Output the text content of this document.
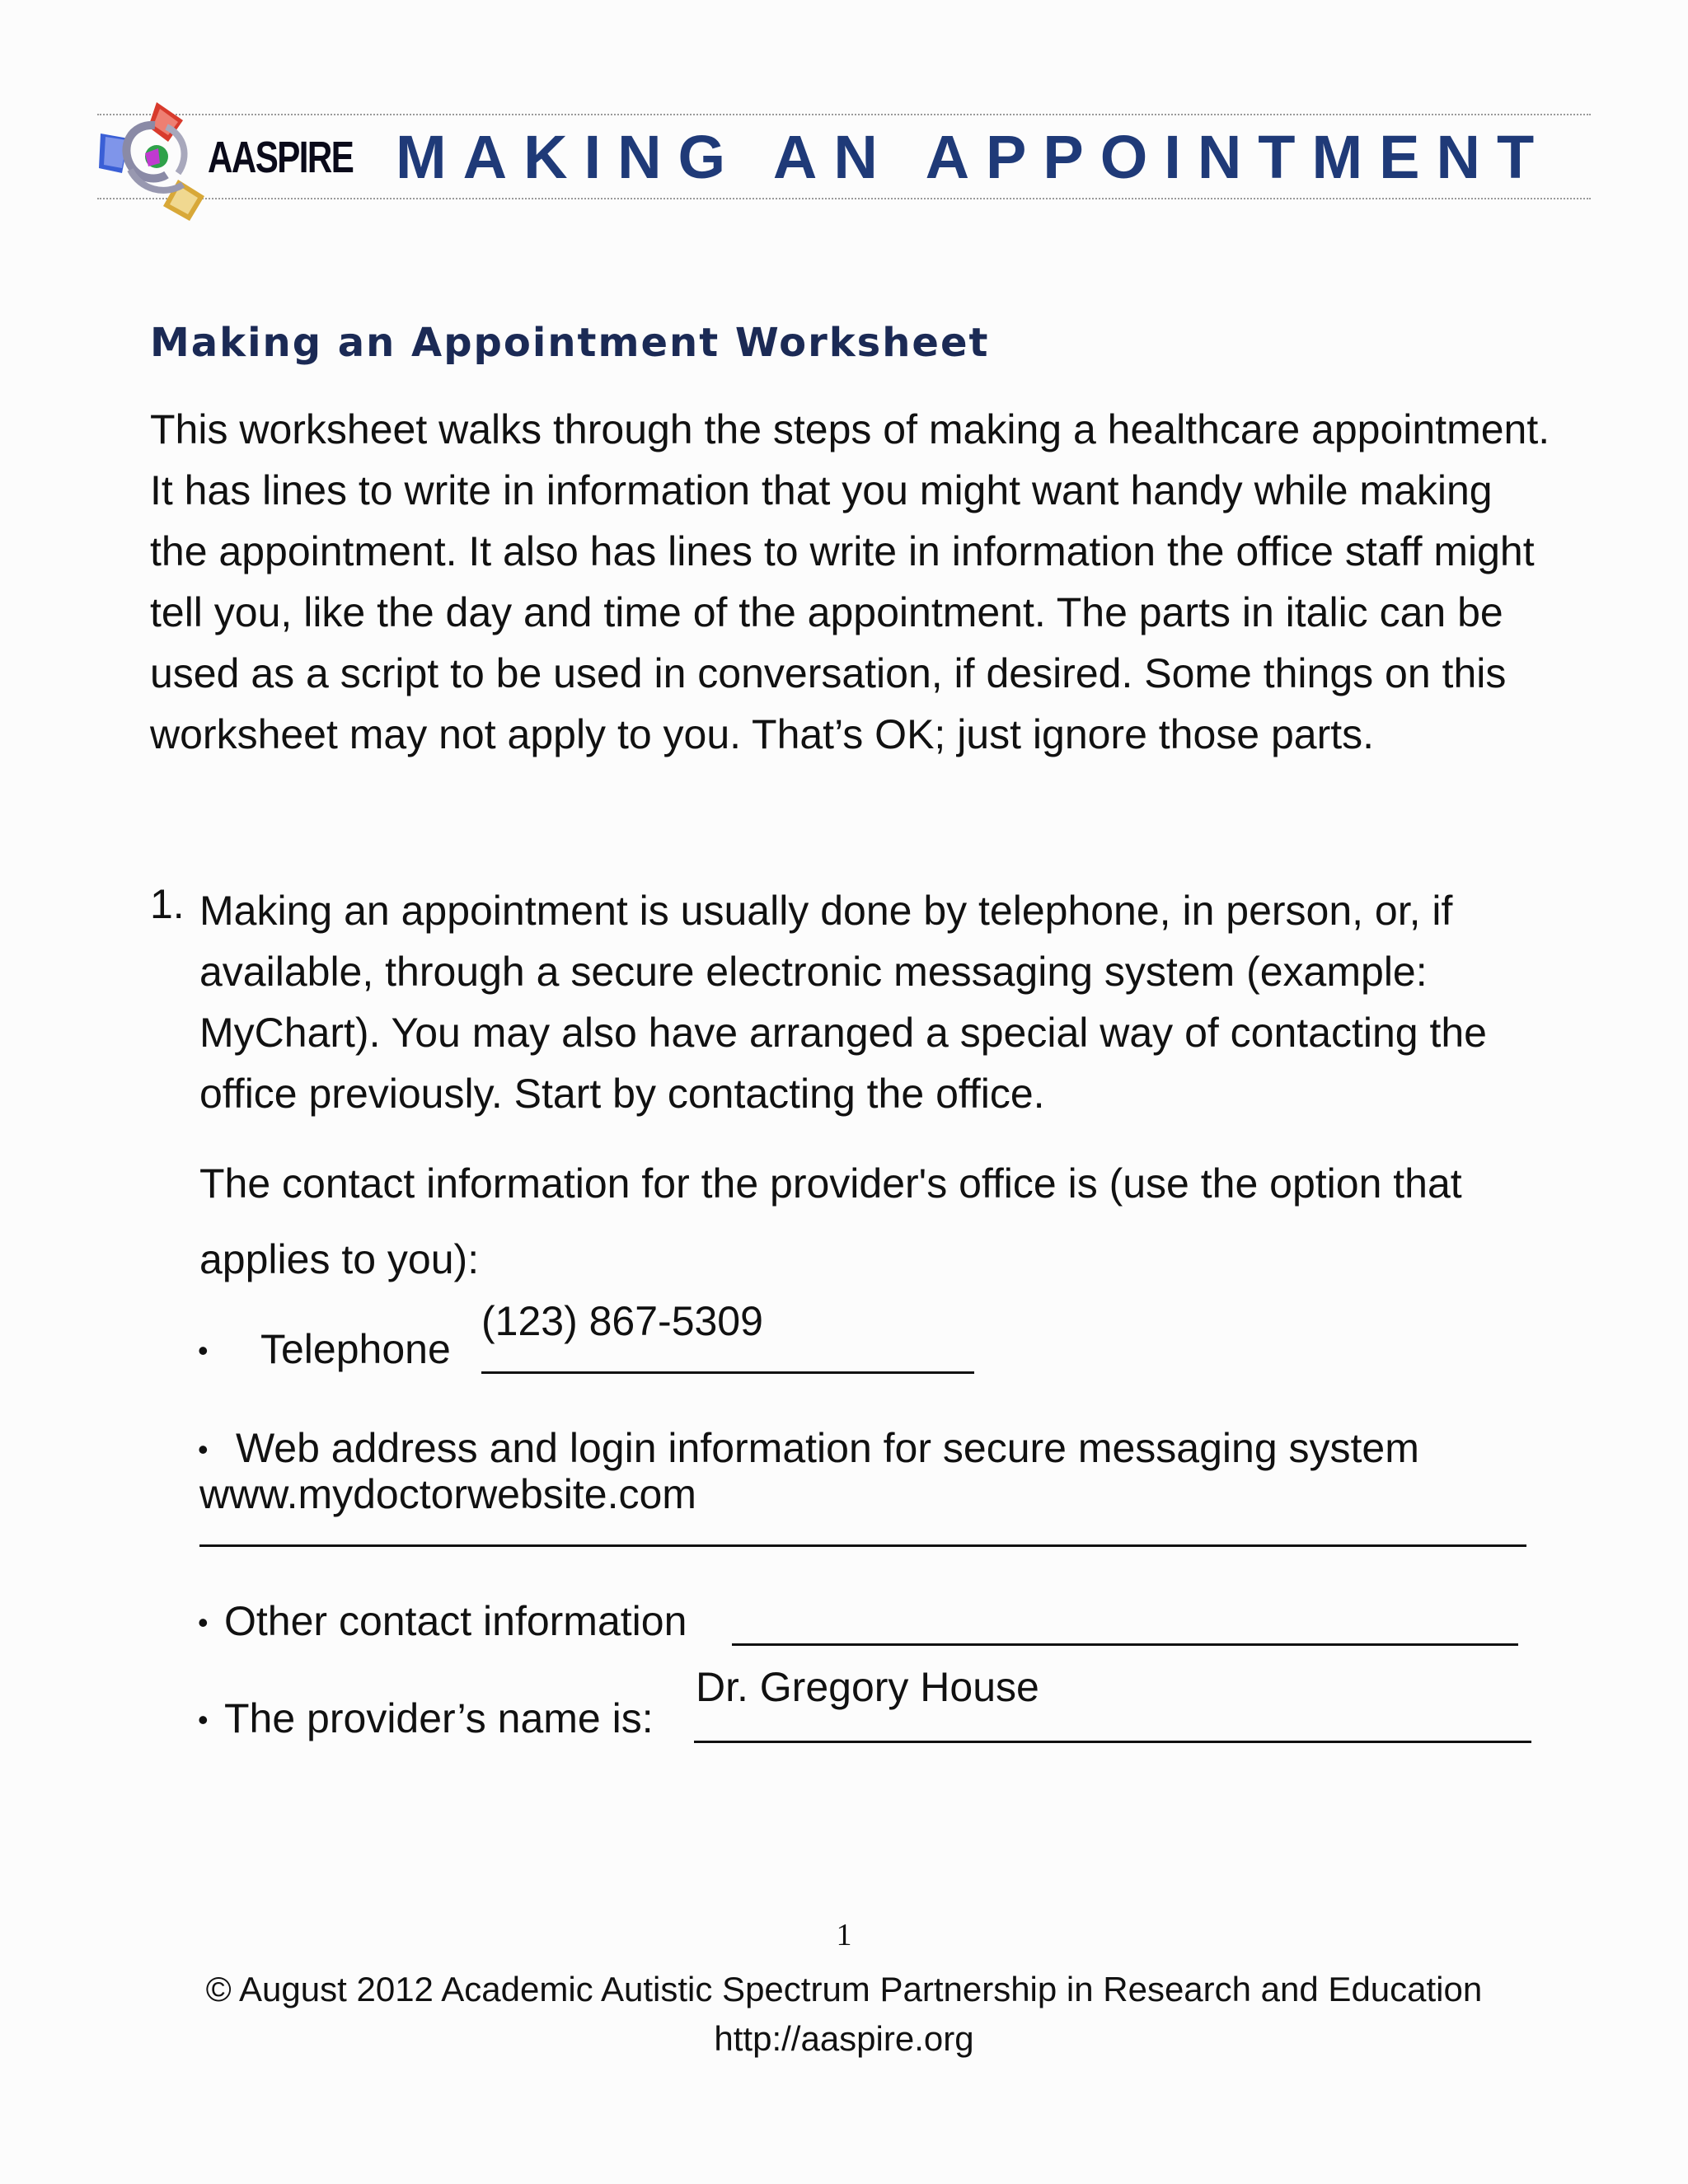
AASPIRE MAKING AN APPOINTMENT
Making an Appointment Worksheet

This worksheet walks through the steps of making a healthcare appointment. It has lines to write in information that you might want handy while making the appointment. It also has lines to write in information the office staff might tell you, like the day and time of the appointment. The parts in italic can be used as a script to be used in conversation, if desired. Some things on this worksheet may not apply to you. That’s OK; just ignore those parts.

1. Making an appointment is usually done by telephone, in person, or, if available, through a secure electronic messaging system (example: MyChart). You may also have arranged a special way of contacting the office previously. Start by contacting the office.

The contact information for the provider's office is (use the option that applies to you):

• Telephone
(123) 867-5309
• Web address and login information for secure messaging system
www.mydoctorwebsite.com
• Other contact information
• The provider’s name is:
Dr. Gregory House
1
© August 2012 Academic Autistic Spectrum Partnership in Research and Education
http://aaspire.org
